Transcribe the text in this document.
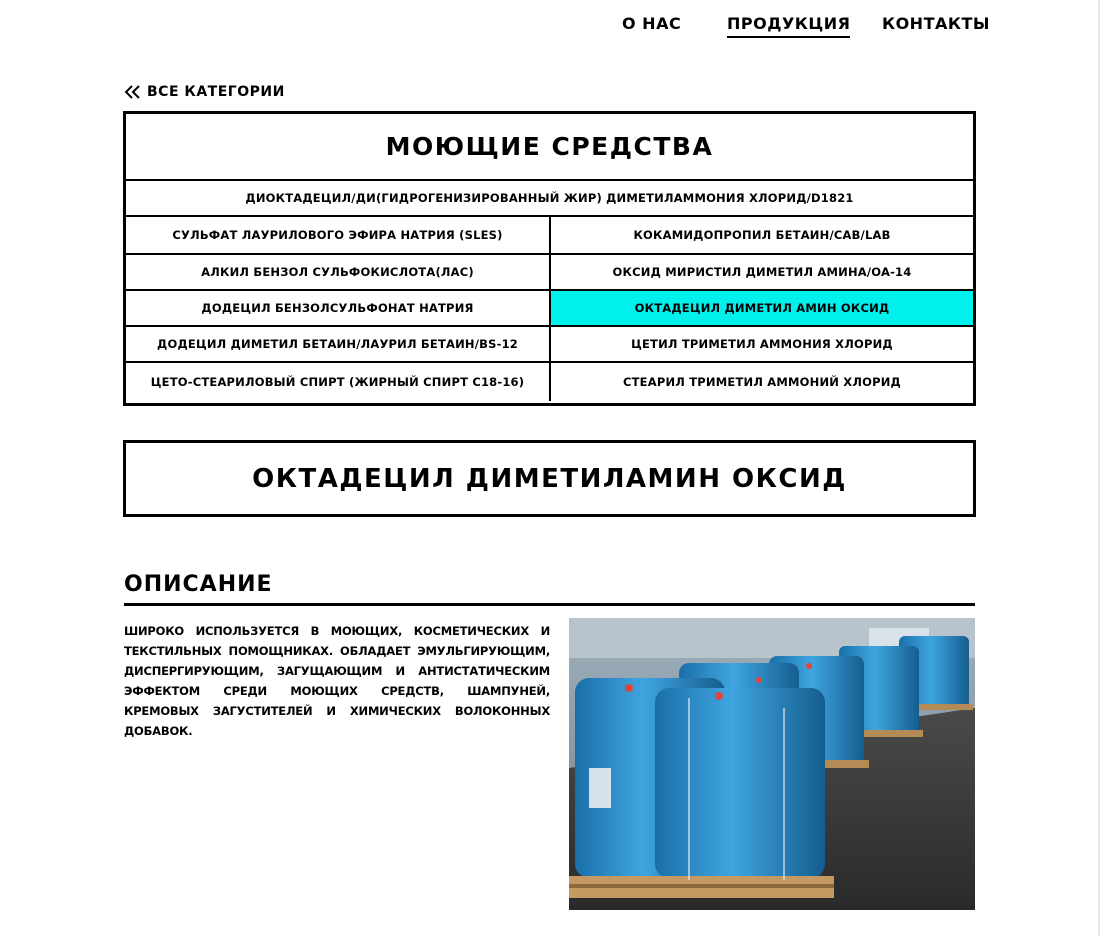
О НАС	ПРОДУКЦИЯ КОНТАКТЫ
ВСЕ КАТЕГОРИИ
МОЮЩИЕ СРЕДСТВА
ДИОКТАДЕЦИЛ/ДИ(ГИДРОГЕНИЗИРОВАННЫЙ ЖИР) ДИМЕТИЛАММОНИЯ ХЛОРИД/D1821
СУЛЬФАТ ЛАУРИЛОВОГО ЭФИРА НАТРИЯ (SLES)	КОКАМИДОПРОПИЛ БЕТАИН/CAB/LAB
АЛКИЛ БЕНЗОЛ СУЛЬФОКИСЛОТА(ЛАС)	ОКСИД МИРИСТИЛ ДИМЕТИЛ АМИНА/OA-14
ДОДЕЦИЛ БЕНЗОЛСУЛЬФОНАТ НАТРИЯ	ОКТАДЕЦИЛ ДИМЕТИЛ АМИН ОКСИД
ДОДЕЦИЛ ДИМЕТИЛ БЕТАИН/ЛАУРИЛ БЕТАИН/BS-12	ЦЕТИЛ ТРИМЕТИЛ АММОНИЯ ХЛОРИД
ЦЕТО-СТЕАРИЛОВЫЙ СПИРТ (ЖИРНЫЙ СПИРТ С18-16)	СТЕАРИЛ ТРИМЕТИЛ АММОНИЙ ХЛОРИД
ОКТАДЕЦИЛ ДИМЕТИЛАМИН ОКСИД
ОПИСАНИЕ
ШИРОКО ИСПОЛЬЗУЕТСЯ В МОЮЩИХ, КОСМЕТИЧЕСКИХ И ТЕКСТИЛЬНЫХ ПОМОЩНИКАХ. ОБЛАДАЕТ ЭМУЛЬГИРУЮЩИМ, ДИСПЕРГИРУЮЩИМ, ЗАГУЩАЮЩИМ И АНТИСТАТИЧЕСКИМ ЭФФЕКТОМ СРЕДИ МОЮЩИХ СРЕДСТВ, ШАМПУНЕЙ, КРЕМОВЫХ ЗАГУСТИТЕЛЕЙ И ХИМИЧЕСКИХ ВОЛОКОННЫХ ДОБАВОК.
